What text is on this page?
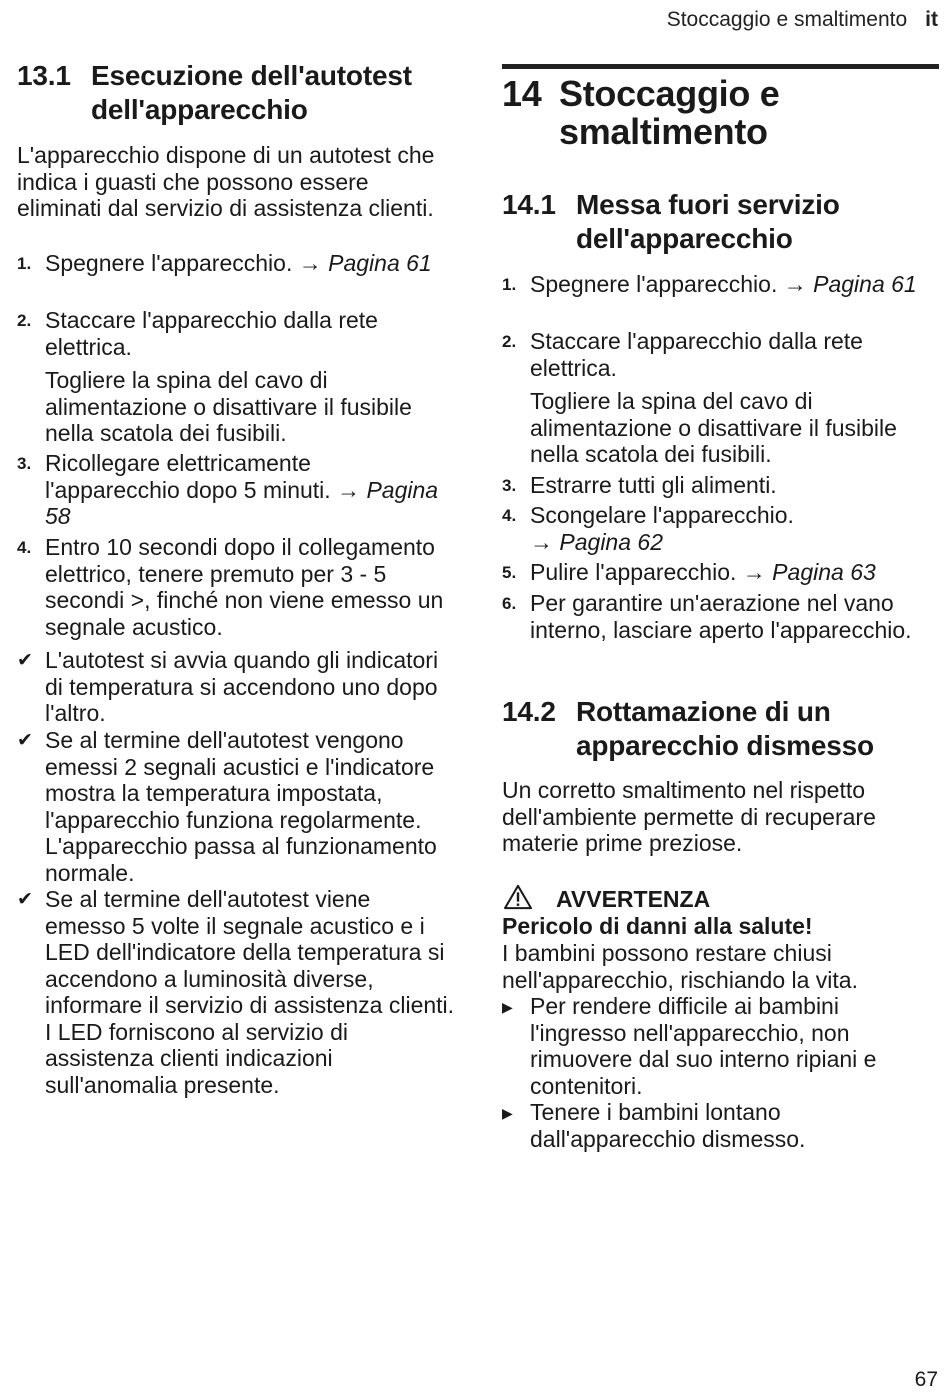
Stoccaggio e smaltimento it
13.1 Esecuzione dell'autotest dell'apparecchio

L'apparecchio dispone di un autotest che indica i guasti che possono essere eliminati dal servizio di assistenza clienti.

1. Spegnere l'apparecchio. → Pagina 61
2. Staccare l'apparecchio dalla rete elettrica.
Togliere la spina del cavo di alimentazione o disattivare il fusibile nella scatola dei fusibili.
3. Ricollegare elettricamente l'apparecchio dopo 5 minuti. → Pagina 58
4. Entro 10 secondi dopo il collegamento elettrico, tenere premuto per 3 - 5 secondi >, finché non viene emesso un segnale acustico.
✔ L'autotest si avvia quando gli indicatori di temperatura si accendono uno dopo l'altro.
✔ Se al termine dell'autotest vengono emessi 2 segnali acustici e l'indicatore mostra la temperatura impostata, l'apparecchio funziona regolarmente. L'apparecchio passa al funzionamento normale.
✔ Se al termine dell'autotest viene emesso 5 volte il segnale acustico e i LED dell'indicatore della temperatura si accendono a luminosità diverse, informare il servizio di assistenza clienti. I LED forniscono al servizio di assistenza clienti indicazioni sull'anomalia presente.
14 Stoccaggio e smaltimento
14.1 Messa fuori servizio dell'apparecchio
1. Spegnere l'apparecchio. → Pagina 61
2. Staccare l'apparecchio dalla rete elettrica.
Togliere la spina del cavo di alimentazione o disattivare il fusibile nella scatola dei fusibili.
3. Estrarre tutti gli alimenti.
4. Scongelare l'apparecchio.
→ Pagina 62
5. Pulire l'apparecchio. → Pagina 63
6. Per garantire un'aerazione nel vano interno, lasciare aperto l'apparecchio.
14.2 Rottamazione di un apparecchio dismesso

Un corretto smaltimento nel rispetto dell'ambiente permette di recuperare materie prime preziose.

AVVERTENZA
Pericolo di danni alla salute!

I bambini possono restare chiusi nell'apparecchio, rischiando la vita.

▶ Per rendere difficile ai bambini l'ingresso nell'apparecchio, non rimuovere dal suo interno ripiani e contenitori.
▶ Tenere i bambini lontano dall'apparecchio dismesso.
67
